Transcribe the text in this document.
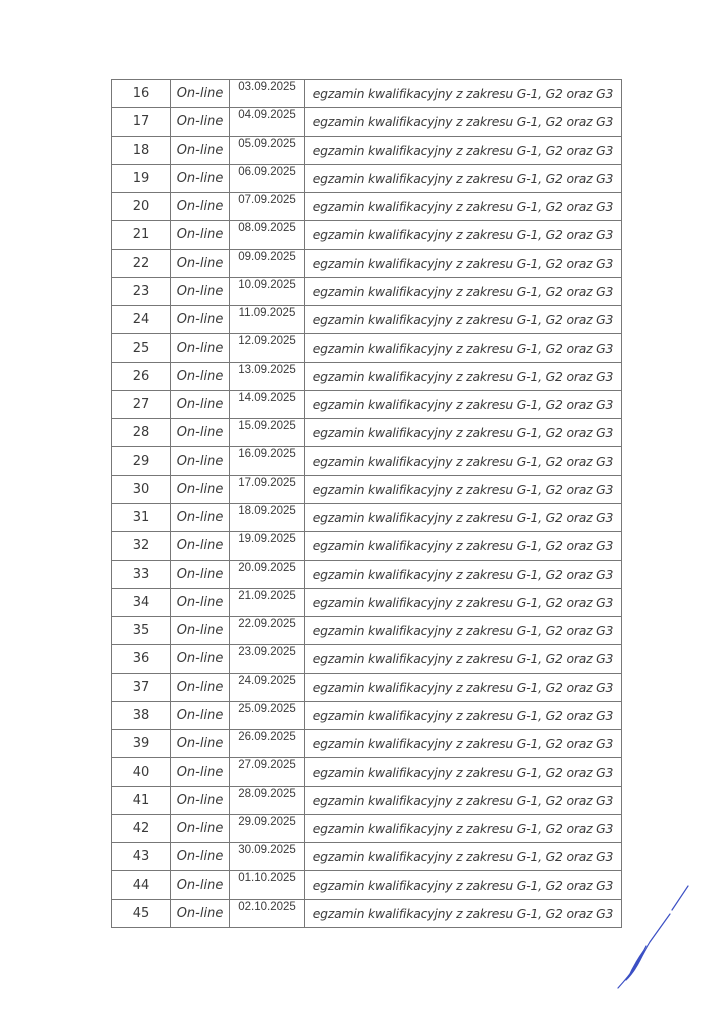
16	On-line	03.09.2025	egzamin kwalifikacyjny z zakresu G-1, G2 oraz G3
17	On-line	04.09.2025	egzamin kwalifikacyjny z zakresu G-1, G2 oraz G3
18	On-line	05.09.2025	egzamin kwalifikacyjny z zakresu G-1, G2 oraz G3
19	On-line	06.09.2025	egzamin kwalifikacyjny z zakresu G-1, G2 oraz G3
20	On-line	07.09.2025	egzamin kwalifikacyjny z zakresu G-1, G2 oraz G3
21	On-line	08.09.2025	egzamin kwalifikacyjny z zakresu G-1, G2 oraz G3
22	On-line	09.09.2025	egzamin kwalifikacyjny z zakresu G-1, G2 oraz G3
23	On-line	10.09.2025	egzamin kwalifikacyjny z zakresu G-1, G2 oraz G3
24	On-line	11.09.2025	egzamin kwalifikacyjny z zakresu G-1, G2 oraz G3
25	On-line	12.09.2025	egzamin kwalifikacyjny z zakresu G-1, G2 oraz G3
26	On-line	13.09.2025	egzamin kwalifikacyjny z zakresu G-1, G2 oraz G3
27	On-line	14.09.2025	egzamin kwalifikacyjny z zakresu G-1, G2 oraz G3
28	On-line	15.09.2025	egzamin kwalifikacyjny z zakresu G-1, G2 oraz G3
29	On-line	16.09.2025	egzamin kwalifikacyjny z zakresu G-1, G2 oraz G3
30	On-line	17.09.2025	egzamin kwalifikacyjny z zakresu G-1, G2 oraz G3
31	On-line	18.09.2025	egzamin kwalifikacyjny z zakresu G-1, G2 oraz G3
32	On-line	19.09.2025	egzamin kwalifikacyjny z zakresu G-1, G2 oraz G3
33	On-line	20.09.2025	egzamin kwalifikacyjny z zakresu G-1, G2 oraz G3
34	On-line	21.09.2025	egzamin kwalifikacyjny z zakresu G-1, G2 oraz G3
35	On-line	22.09.2025	egzamin kwalifikacyjny z zakresu G-1, G2 oraz G3
36	On-line	23.09.2025	egzamin kwalifikacyjny z zakresu G-1, G2 oraz G3
37	On-line	24.09.2025	egzamin kwalifikacyjny z zakresu G-1, G2 oraz G3
38	On-line	25.09.2025	egzamin kwalifikacyjny z zakresu G-1, G2 oraz G3
39	On-line	26.09.2025	egzamin kwalifikacyjny z zakresu G-1, G2 oraz G3
40	On-line	27.09.2025	egzamin kwalifikacyjny z zakresu G-1, G2 oraz G3
41	On-line	28.09.2025	egzamin kwalifikacyjny z zakresu G-1, G2 oraz G3
42	On-line	29.09.2025	egzamin kwalifikacyjny z zakresu G-1, G2 oraz G3
43	On-line	30.09.2025	egzamin kwalifikacyjny z zakresu G-1, G2 oraz G3
44	On-line	01.10.2025	egzamin kwalifikacyjny z zakresu G-1, G2 oraz G3
45	On-line	02.10.2025	egzamin kwalifikacyjny z zakresu G-1, G2 oraz G3
